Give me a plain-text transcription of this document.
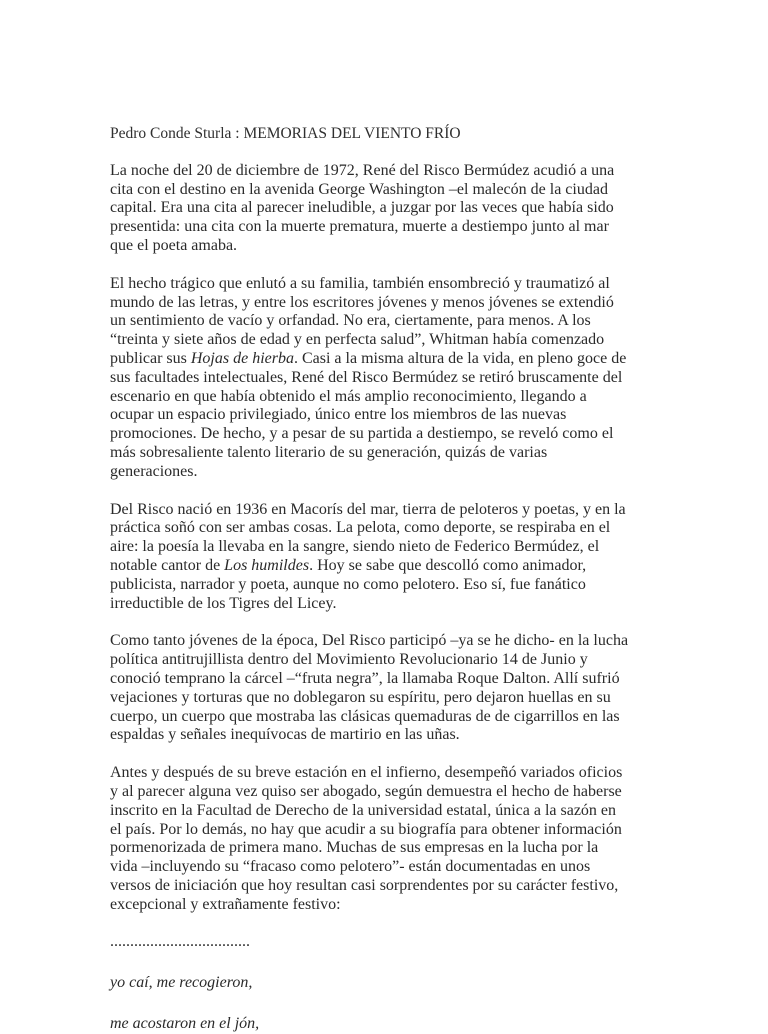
Pedro Conde Sturla : MEMORIAS DEL VIENTO FRÍO
La noche del 20 de diciembre de 1972, René del Risco Bermúdez acudió a una
cita con el destino en la avenida George Washington –el malecón de la ciudad
capital. Era una cita al parecer ineludible, a juzgar por las veces que había sido
presentida: una cita con la muerte prematura, muerte a destiempo junto al mar
que el poeta amaba.
El hecho trágico que enlutó a su familia, también ensombreció y traumatizó al
mundo de las letras, y entre los escritores jóvenes y menos jóvenes se extendió
un sentimiento de vacío y orfandad. No era, ciertamente, para menos. A los
“treinta y siete años de edad y en perfecta salud”, Whitman había comenzado
publicar sus Hojas de hierba. Casi a la misma altura de la vida, en pleno goce de
sus facultades intelectuales, René del Risco Bermúdez se retiró bruscamente del
escenario en que había obtenido el más amplio reconocimiento, llegando a
ocupar un espacio privilegiado, único entre los miembros de las nuevas
promociones. De hecho, y a pesar de su partida a destiempo, se reveló como el
más sobresaliente talento literario de su generación, quizás de varias
generaciones.
Del Risco nació en 1936 en Macorís del mar, tierra de peloteros y poetas, y en la
práctica soñó con ser ambas cosas. La pelota, como deporte, se respiraba en el
aire: la poesía la llevaba en la sangre, siendo nieto de Federico Bermúdez, el
notable cantor de Los humildes. Hoy se sabe que descolló como animador,
publicista, narrador y poeta, aunque no como pelotero. Eso sí, fue fanático
irreductible de los Tigres del Licey.
Como tanto jóvenes de la época, Del Risco participó –ya se he dicho- en la lucha
política antitrujillista dentro del Movimiento Revolucionario 14 de Junio y
conoció temprano la cárcel –“fruta negra”, la llamaba Roque Dalton. Allí sufrió
vejaciones y torturas que no doblegaron su espíritu, pero dejaron huellas en su
cuerpo, un cuerpo que mostraba las clásicas quemaduras de de cigarrillos en las
espaldas y señales inequívocas de martirio en las uñas.
Antes y después de su breve estación en el infierno, desempeñó variados oficios
y al parecer alguna vez quiso ser abogado, según demuestra el hecho de haberse
inscrito en la Facultad de Derecho de la universidad estatal, única a la sazón en
el país. Por lo demás, no hay que acudir a su biografía para obtener información
pormenorizada de primera mano. Muchas de sus empresas en la lucha por la
vida –incluyendo su “fracaso como pelotero”- están documentadas en unos
versos de iniciación que hoy resultan casi sorprendentes por su carácter festivo,
excepcional y extrañamente festivo:
...................................
yo caí, me recogieron,
me acostaron en el jón,
